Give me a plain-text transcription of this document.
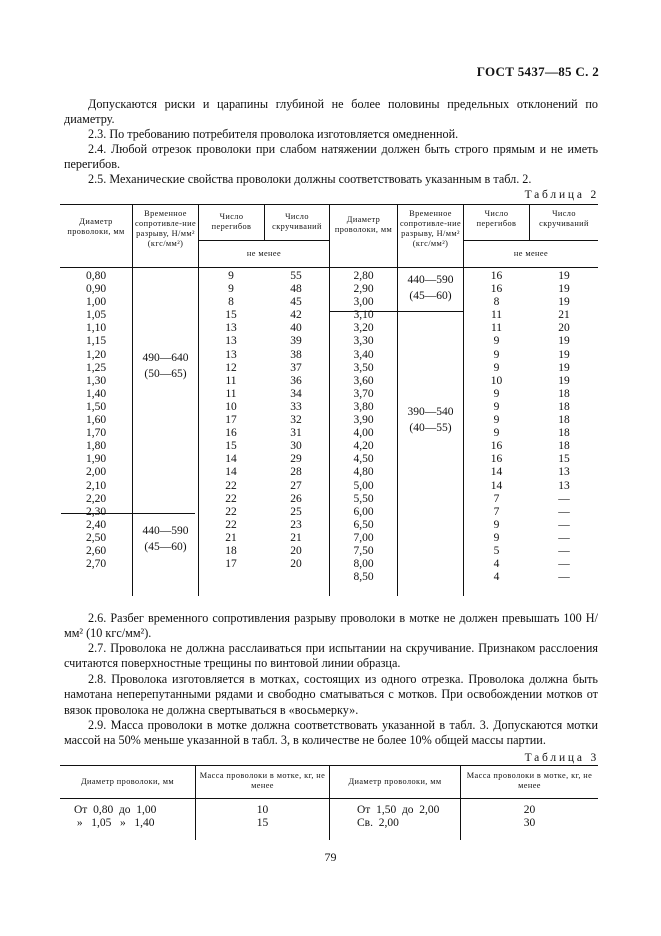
ГОСТ 5437—85 С. 2

Допускаются риски и царапины глубиной не более половины предельных отклонений по диаметру.

2.3. По требованию потребителя проволока изготовляется омедненной.

2.4. Любой отрезок проволоки при слабом натяжении должен быть строго прямым и не иметь перегибов.

2.5. Механические свойства проволоки должны соответствовать указанным в табл. 2.

Таблица 2
Диаметр проволоки, мм
Временное сопротивле-ние разрыву, Н/мм² (кгс/мм²)
Число перегибов
Число скручиваний
не менее
Диаметр проволоки, мм
Временное сопротивле-ние разрыву, Н/мм² (кгс/мм²)
Число перегибов
Число скручиваний
не менее
0,80
0,90
1,00
1,05
1,10
1,15
1,20
1,25
1,30
1,40
1,50
1,60
1,70
1,80
1,90
2,00
2,10
2,20
2,30
2,40
2,50
2,60
2,70
9
9
8
15
13
13
13
12
11
11
10
17
16
15
14
14
22
22
22
22
21
18
17
55
48
45
42
40
39
38
37
36
34
33
32
31
30
29
28
27
26
25
23
21
20
20
490—640
(50—65)
440—590
(45—60)
2,80
2,90
3,00
3,10
3,20
3,30
3,40
3,50
3,60
3,70
3,80
3,90
4,00
4,20
4,50
4,80
5,00
5,50
6,00
6,50
7,00
7,50
8,00
8,50
16
16
8
11
11
9
9
9
10
9
9
9
9
16
16
14
14
7
7
9
9
5
4
4
19
19
19
21
20
19
19
19
19
18
18
18
18
18
15
13
13
—
—
—
—
—
—
—
440—590
(45—60)
390—540
(40—55)

2.6. Разбег временного сопротивления разрыву проволоки в мотке не должен превышать 100 Н/мм² (10 кгс/мм²).

2.7. Проволока не должна расслаиваться при испытании на скручивание. Признаком расслоения считаются поверхностные трещины по винтовой линии образца.

2.8. Проволока изготовляется в мотках, состоящих из одного отрезка. Проволока должна быть намотана неперепутанными рядами и свободно сматываться с мотков. При освобождении мотков от вязок проволока не должна свертываться в «восьмерку».

2.9. Масса проволоки в мотке должна соответствовать указанной в табл. 3. Допускаются мотки массой на 50% меньше указанной в табл. 3, в количестве не более 10% общей массы партии.

Таблица 3
Диаметр проволоки, мм
Масса проволоки в мотке, кг, не менее	Диаметр проволоки, мм
Масса проволоки в мотке, кг, не менее
От  0,80  до  1,00
»   1,05   »   1,40
10
15
От  1,50  до  2,00
Св.  2,00
20
30
79
